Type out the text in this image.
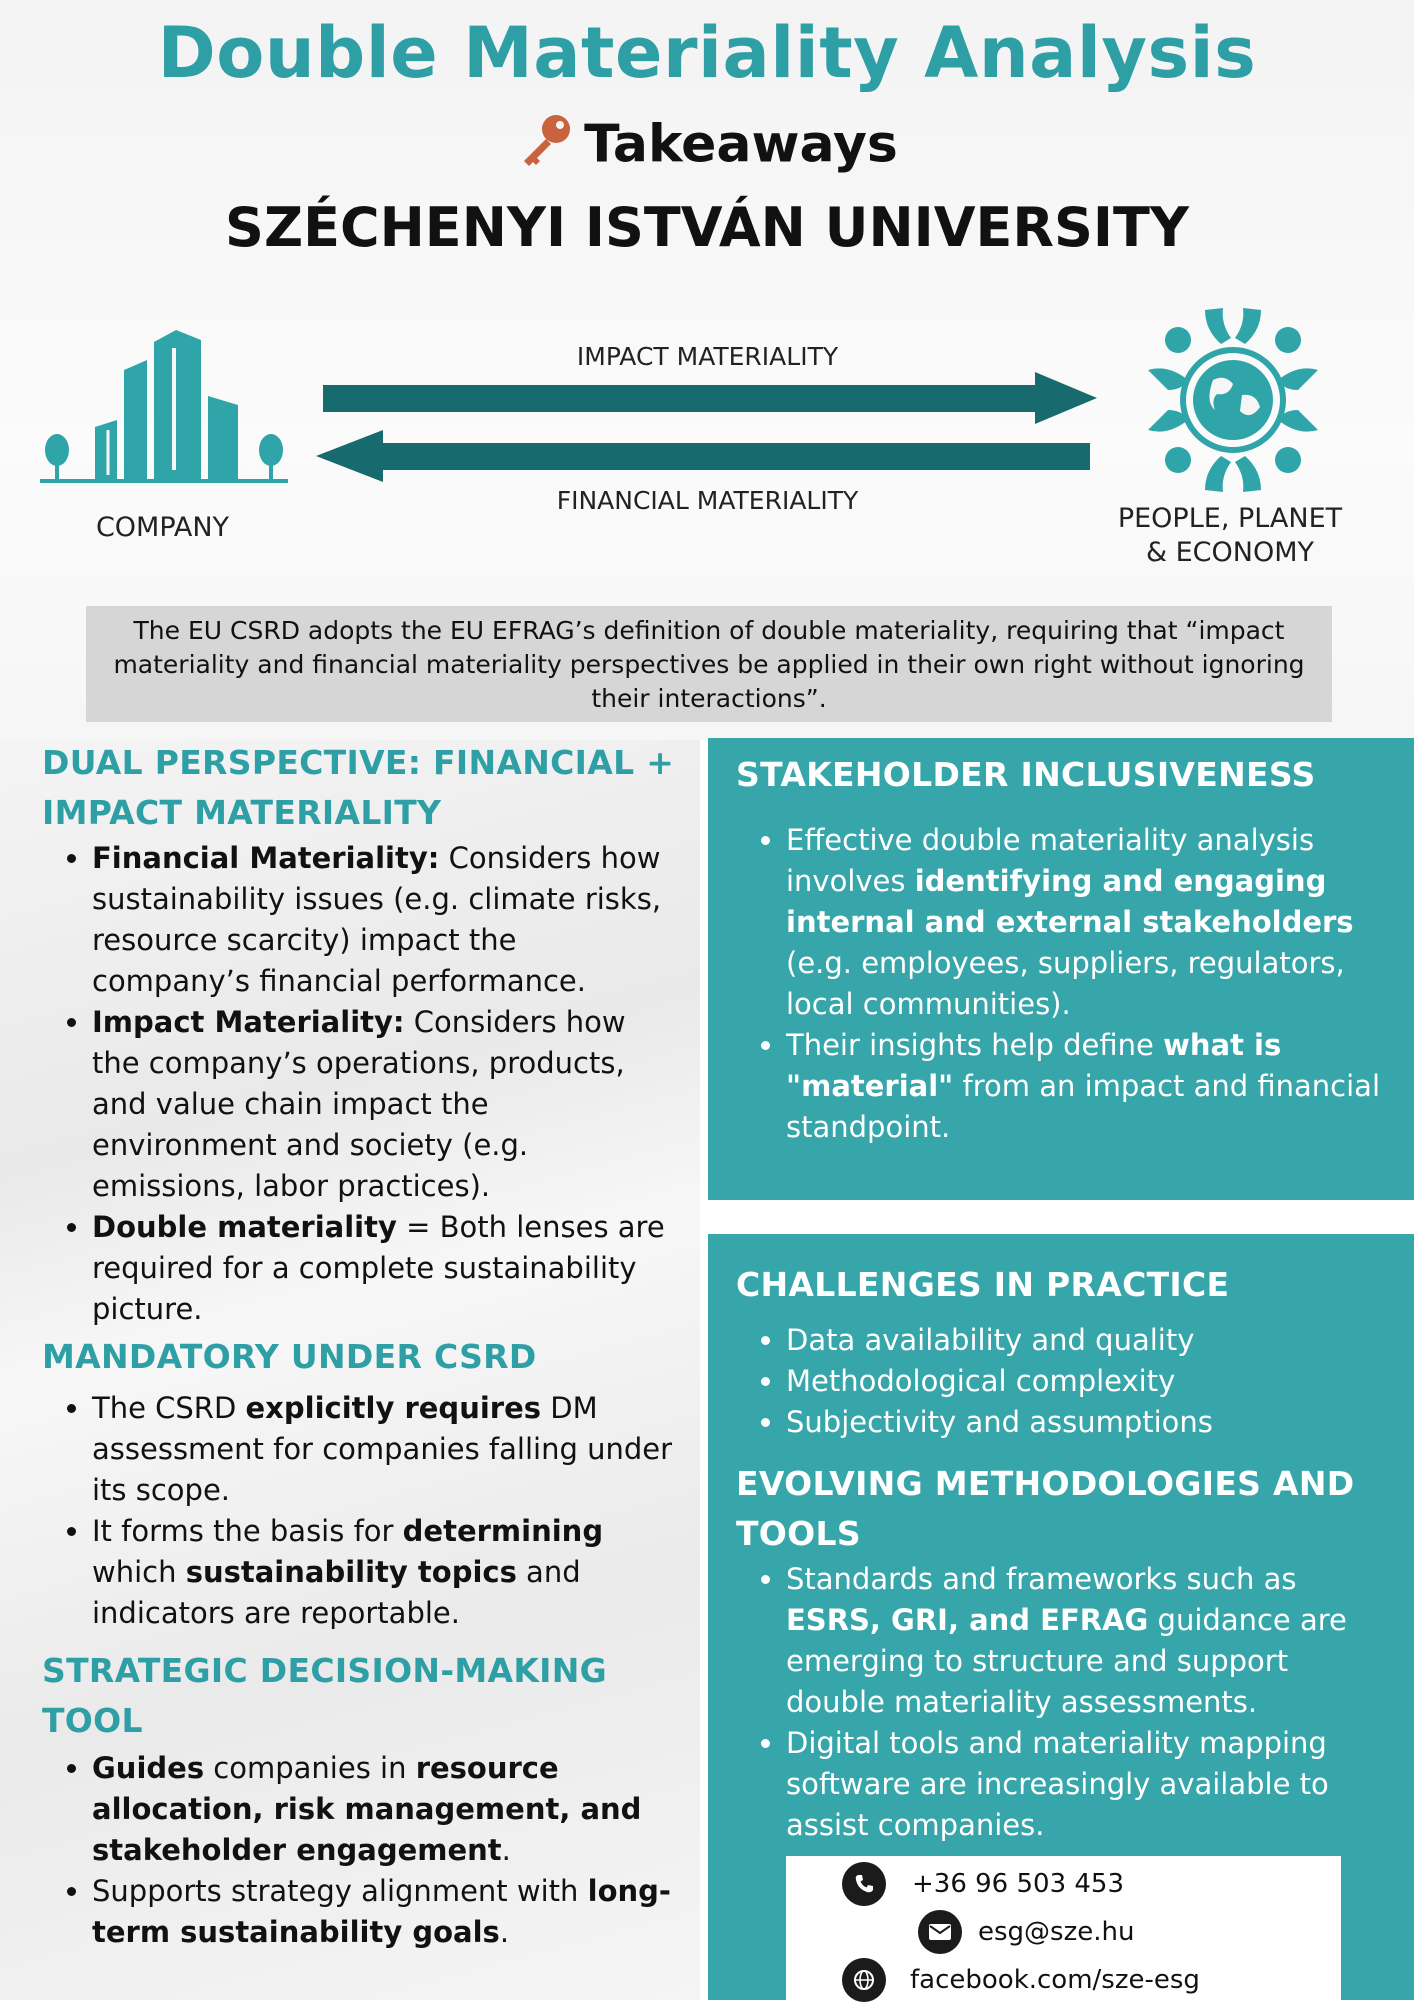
Double Materiality Analysis
Takeaways
SZÉCHENYI ISTVÁN UNIVERSITY
IMPACT MATERIALITY
FINANCIAL MATERIALITY
COMPANY	PEOPLE, PLANET
& ECONOMY
The EU CSRD adopts the EU EFRAG’s definition of double materiality, requiring that “impact materiality and financial materiality perspectives be applied in their own right without ignoring their interactions”.
DUAL PERSPECTIVE: FINANCIAL + IMPACT MATERIALITY
• Financial Materiality: Considers how sustainability issues (e.g. climate risks, resource scarcity) impact the company’s financial performance.
• Impact Materiality: Considers how the company’s operations, products, and value chain impact the environment and society (e.g. emissions, labor practices).
• Double materiality = Both lenses are required for a complete sustainability picture.
MANDATORY UNDER CSRD
• The CSRD explicitly requires DM assessment for companies falling under its scope.
• It forms the basis for determining which sustainability topics and indicators are reportable.
STRATEGIC DECISION-MAKING TOOL
• Guides companies in resource allocation, risk management, and stakeholder engagement.
• Supports strategy alignment with long-term sustainability goals.
STAKEHOLDER INCLUSIVENESS
• Effective double materiality analysis involves identifying and engaging internal and external stakeholders (e.g. employees, suppliers, regulators, local communities).
• Their insights help define what is "material" from an impact and financial standpoint.
CHALLENGES IN PRACTICE
• Data availability and quality
• Methodological complexity
• Subjectivity and assumptions
EVOLVING METHODOLOGIES AND TOOLS
• Standards and frameworks such as ESRS, GRI, and EFRAG guidance are emerging to structure and support double materiality assessments.
• Digital tools and materiality mapping software are increasingly available to assist companies.
+36 96 503 453
esg@sze.hu
facebook.com/sze-esg
